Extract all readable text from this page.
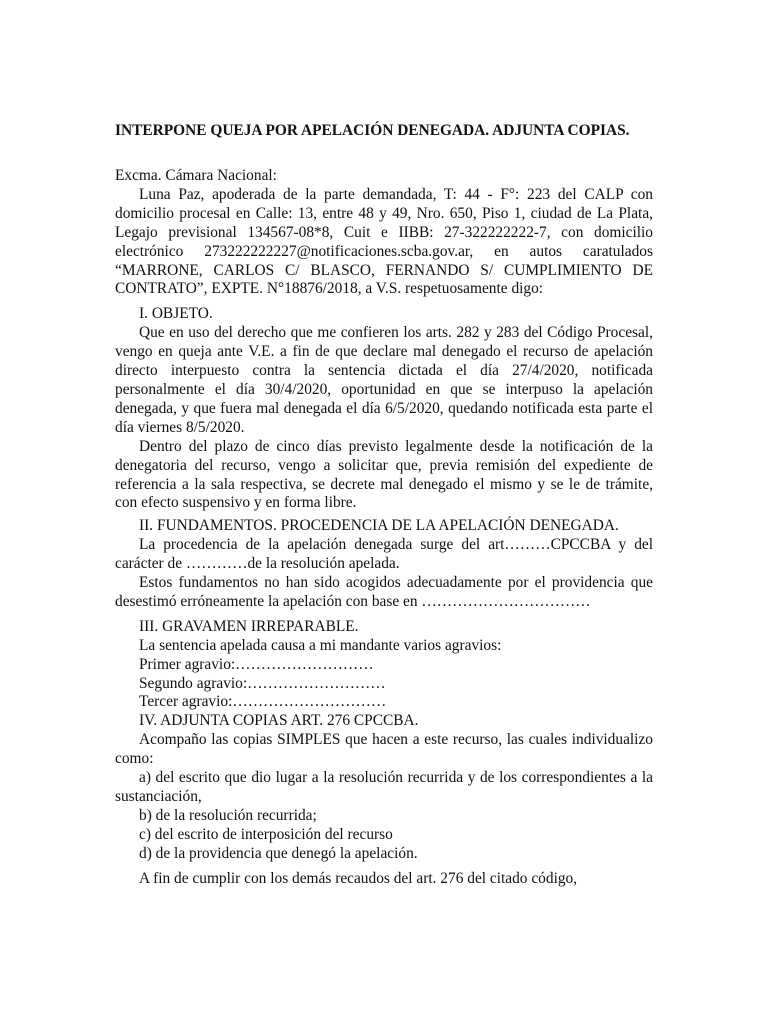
INTERPONE QUEJA POR APELACIÓN DENEGADA. ADJUNTA COPIAS.

Excma. Cámara Nacional:

Luna Paz, apoderada de la parte demandada, T: 44 - F°: 223 del CALP con domicilio procesal en Calle: 13, entre 48 y 49, Nro. 650, Piso 1, ciudad de La Plata, Legajo previsional 134567-08*8, Cuit e IIBB: 27-322222222-7, con domicilio electrónico 273222222227@notificaciones.scba.gov.ar, en autos caratulados “MARRONE, CARLOS C/ BLASCO, FERNANDO S/ CUMPLIMIENTO DE CONTRATO”, EXPTE. N°18876/2018, a V.S. respetuosamente digo:

I. OBJETO.

Que en uso del derecho que me confieren los arts. 282 y 283 del Código Procesal, vengo en queja ante V.E. a fin de que declare mal denegado el recurso de apelación directo interpuesto contra la sentencia dictada el día 27/4/2020, notificada personalmente el día 30/4/2020, oportunidad en que se interpuso la apelación denegada, y que fuera mal denegada el día 6/5/2020, quedando notificada esta parte el día viernes 8/5/2020.

Dentro del plazo de cinco días previsto legalmente desde la notificación de la denegatoria del recurso, vengo a solicitar que, previa remisión del expediente de referencia a la sala respectiva, se decrete mal denegado el mismo y se le de trámite, con efecto suspensivo y en forma libre.

II. FUNDAMENTOS. PROCEDENCIA DE LA APELACIÓN DENEGADA.

La procedencia de la apelación denegada surge del art………CPCCBA y del carácter de …………de la resolución apelada.

Estos fundamentos no han sido acogidos adecuadamente por el providencia que desestimó erróneamente la apelación con base en ……………………………

III. GRAVAMEN IRREPARABLE.

La sentencia apelada causa a mi mandante varios agravios:

Primer agravio:………………………

Segundo agravio:………………………

Tercer agravio:…………………………

IV. ADJUNTA COPIAS ART. 276 CPCCBA.

Acompaño las copias SIMPLES que hacen a este recurso, las cuales individualizo como:

a) del escrito que dio lugar a la resolución recurrida y de los correspondientes a la sustanciación,

b) de la resolución recurrida;

c) del escrito de interposición del recurso

d) de la providencia que denegó la apelación.

A fin de cumplir con los demás recaudos del art. 276 del citado código,
